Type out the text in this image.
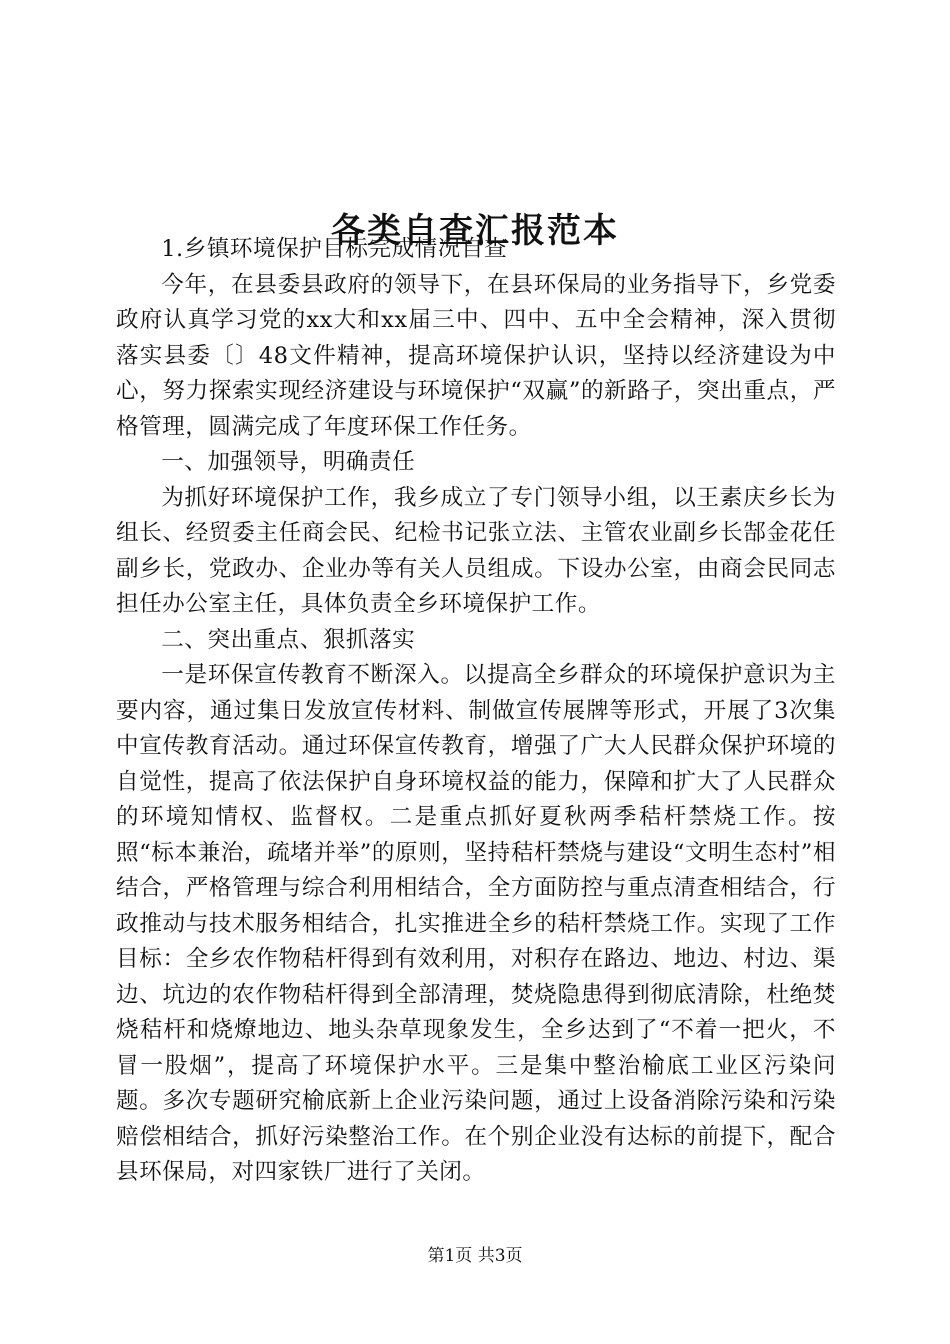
各类自查汇报范本

1.乡镇环境保护目标完成情况自查

今年，在县委县政府的领导下，在县环保局的业务指导下，乡党委政府认真学习党的xx大和xx届三中、四中、五中全会精神，深入贯彻落实县委〔〕48文件精神，提高环境保护认识，坚持以经济建设为中心，努力探索实现经济建设与环境保护“双赢”的新路子，突出重点，严格管理，圆满完成了年度环保工作任务。

一、加强领导，明确责任

为抓好环境保护工作，我乡成立了专门领导小组，以王素庆乡长为组长、经贸委主任商会民、纪检书记张立法、主管农业副乡长郜金花任副乡长，党政办、企业办等有关人员组成。下设办公室，由商会民同志担任办公室主任，具体负责全乡环境保护工作。

二、突出重点、狠抓落实

一是环保宣传教育不断深入。以提高全乡群众的环境保护意识为主要内容，通过集日发放宣传材料、制做宣传展牌等形式，开展了3次集中宣传教育活动。通过环保宣传教育，增强了广大人民群众保护环境的自觉性，提高了依法保护自身环境权益的能力，保障和扩大了人民群众的环境知情权、监督权。二是重点抓好夏秋两季秸杆禁烧工作。按照“标本兼治，疏堵并举”的原则，坚持秸杆禁烧与建设“文明生态村”相结合，严格管理与综合利用相结合，全方面防控与重点清查相结合，行政推动与技术服务相结合，扎实推进全乡的秸杆禁烧工作。实现了工作目标：全乡农作物秸杆得到有效利用，对积存在路边、地边、村边、渠边、坑边的农作物秸杆得到全部清理，焚烧隐患得到彻底清除，杜绝焚烧秸杆和烧燎地边、地头杂草现象发生，全乡达到了“不着一把火，不冒一股烟”，提高了环境保护水平。三是集中整治榆底工业区污染问题。多次专题研究榆底新上企业污染问题，通过上设备消除污染和污染赔偿相结合，抓好污染整治工作。在个别企业没有达标的前提下，配合县环保局，对四家铁厂进行了关闭。

第1页 共3页
